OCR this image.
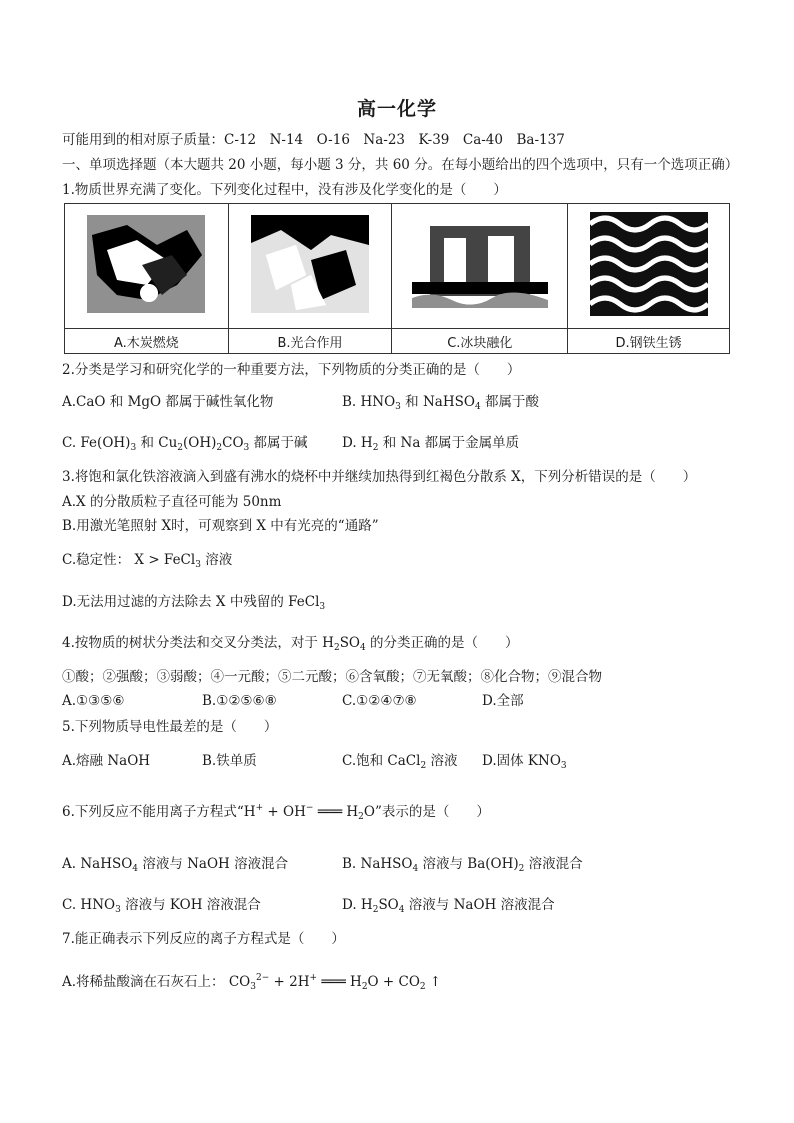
高一化学
可能用到的相对原子质量：C-12　N-14　O-16　Na-23　K-39　Ca-40　Ba-137
一、单项选择题（本大题共 20 小题，每小题 3 分，共 60 分。在每小题给出的四个选项中，只有一个选项正确）
1.物质世界充满了变化。下列变化过程中，没有涉及化学变化的是（　　）

A.木炭燃烧	B.光合作用	C.冰块融化	D.钢铁生锈
2.分类是学习和研究化学的一种重要方法，下列物质的分类正确的是（　　）
A.CaO 和 MgO 都属于碱性氧化物	B. $HNO_3$ 和 NaHSO$_4$ 都属于酸
C. $Fe(OH)_3$ 和 $Cu_2(OH)_2CO_3$ 都属于碱	D. $H_2$ 和 Na 都属于金属单质
3.将饱和氯化铁溶液滴入到盛有沸水的烧杯中并继续加热得到红褐色分散系 X，下列分析错误的是（　　）
A.X 的分散质粒子直径可能为 50nm
B.用激光笔照射 X时，可观察到 X 中有光亮的“通路”
C.稳定性： X > FeCl$_3$ 溶液
D.无法用过滤的方法除去 X 中残留的 FeCl$_3$
4.按物质的树状分类法和交叉分类法，对于 $H_2SO_4$ 的分类正确的是（　　）
①酸；②强酸；③弱酸；④一元酸；⑤二元酸；⑥含氧酸；⑦无氧酸；⑧化合物；⑨混合物
A.①③⑤⑥	B.①②⑤⑥⑧	C.①②④⑦⑧	D.全部
5.下列物质导电性最差的是（　　）
A.熔融 NaOH	B.铁单质	C.饱和 CaCl$_2$ 溶液 D.固体 $KNO_3$
6.下列反应不能用离子方程式“H+ + OH− ═══ $H_2O$”表示的是（　　）
A. NaHSO$_4$ 溶液与 NaOH 溶液混合	B. NaHSO$_4$ 溶液与 $Ba(OH)_2$ 溶液混合
C. $HNO_3$ 溶液与 KOH 溶液混合	D. $H_2SO_4$ 溶液与 NaOH 溶液混合
7.能正确表示下列反应的离子方程式是（　　）
A.将稀盐酸滴在石灰石上： $CO_3^{2-} + 2H^+$ ═══ $H_2O + CO_2$ ↑
